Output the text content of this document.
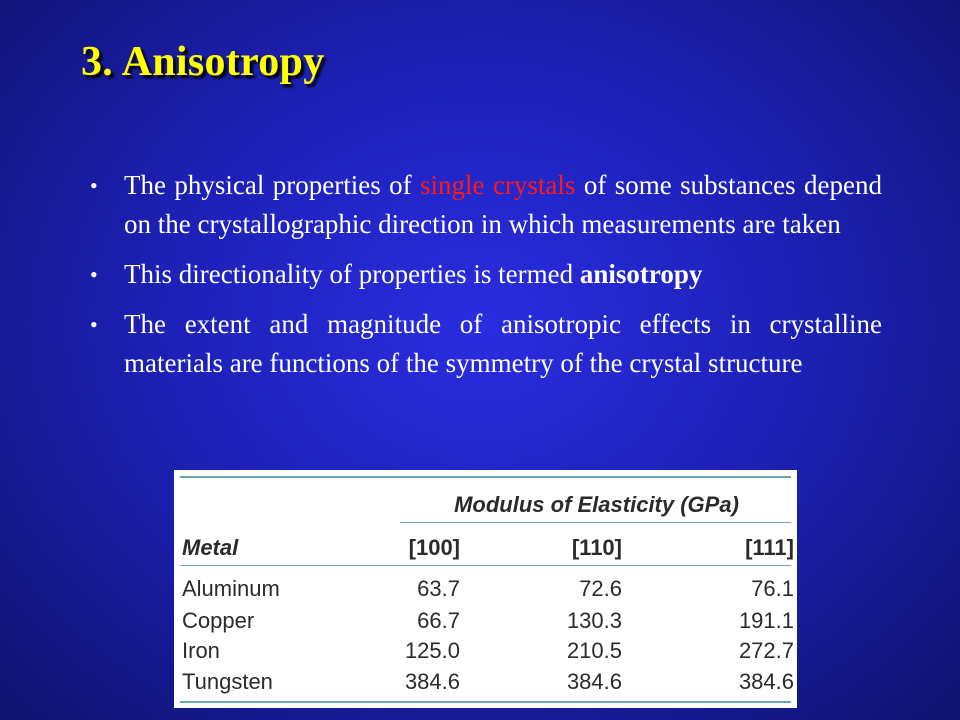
3. Anisotropy
• The physical properties of single crystals of some substances depend on the crystallographic direction in which measurements are taken
• This directionality of properties is termed anisotropy
• The extent and magnitude of anisotropic effects in crystalline materials are functions of the symmetry of the crystal structure
Modulus of Elasticity (GPa)
Metal	[100]	[110]	[111]
Aluminum	63.7	72.6	76.1
Copper	66.7	130.3	191.1
Iron	125.0	210.5	272.7
Tungsten	384.6	384.6	384.6
